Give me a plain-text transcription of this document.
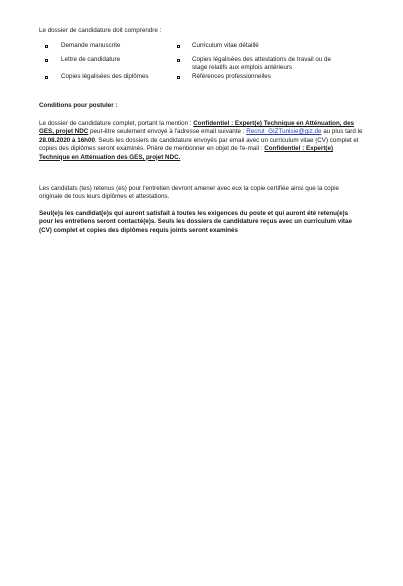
Le dossier de candidature doit comprendre :

Demande manuscrite
Lettre de candidature
Copies légalisées des diplômes
Curriculum vitae détaillé
Copies légalisées des attestations de travail ou de
stage relatifs aux emplois antérieurs
Références professionnelles

Conditions pour postuler :

Le dossier de candidature complet, portant la mention : Confidentiel : Expert(e) Technique en Atténuation, des GES, projet NDC peut-être seulement envoyé à l'adresse email suivante : Recrut_GIZTunisie@giz.de au plus tard le 28.08.2020 à 16h00. Seuls les dossiers de candidature envoyés par email avec un curriculum vitae (CV) complet et copies des diplômes seront examinés. Prière de mentionner en objet de l'e-mail : Confidentiel : Expert(e) Technique en Atténuation des GES, projet NDC.

Les candidats (tes) retenus (es) pour l'entretien devront amener avec eux la copie certifiée ainsi que la copie originale de tous leurs diplômes et attestations.

Seul(e)s les candidat(e)s qui auront satisfait à toutes les exigences du poste et qui auront été retenu(e)s pour les entretiens seront contacté(e)s. Seuls les dossiers de candidature reçus avec un curriculum vitae (CV) complet et copies des diplômes requis joints seront examinés
